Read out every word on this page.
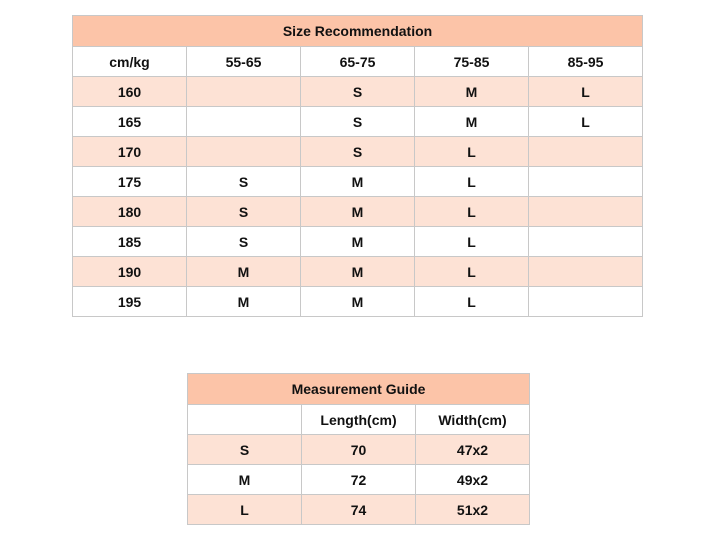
Size Recommendation				
cm/kg	55-65	65-75	75-85	85-95
160		S	M	L
165		S	M	L
170		S	L	
175	S	M	L	
180	S	M	L	
185	S	M	L	
190	M	M	L	
195	M	M	L	
Measurement Guide		
	Length(cm)	Width(cm)
S	70	47x2
M	72	49x2
L	74	51x2
